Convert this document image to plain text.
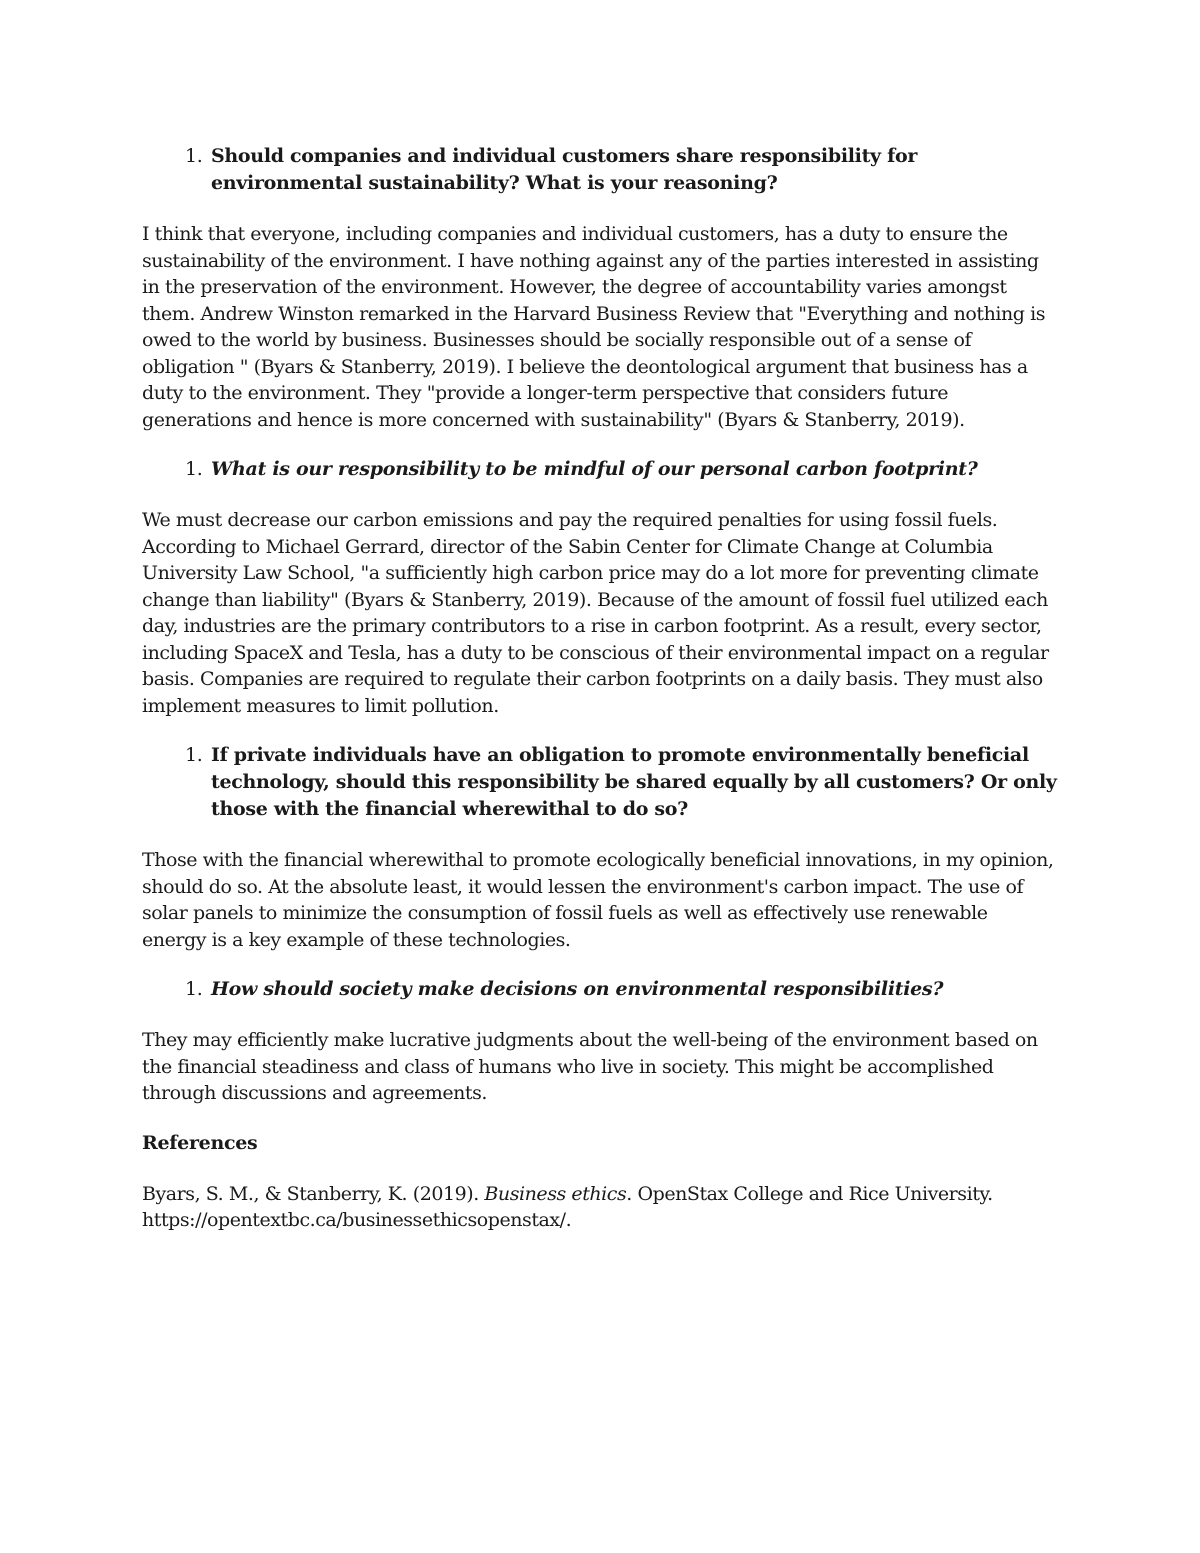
1. Should companies and individual customers share responsibility for environmental sustainability? What is your reasoning?

I think that everyone, including companies and individual customers, has a duty to ensure the sustainability of the environment. I have nothing against any of the parties interested in assisting in the preservation of the environment. However, the degree of accountability varies amongst them. Andrew Winston remarked in the Harvard Business Review that "Everything and nothing is owed to the world by business. Businesses should be socially responsible out of a sense of obligation " (Byars & Stanberry, 2019). I believe the deontological argument that business has a duty to the environment. They "provide a longer-term perspective that considers future generations and hence is more concerned with sustainability" (Byars & Stanberry, 2019).

1. What is our responsibility to be mindful of our personal carbon footprint?

We must decrease our carbon emissions and pay the required penalties for using fossil fuels. According to Michael Gerrard, director of the Sabin Center for Climate Change at Columbia University Law School, "a sufficiently high carbon price may do a lot more for preventing climate change than liability" (Byars & Stanberry, 2019). Because of the amount of fossil fuel utilized each day, industries are the primary contributors to a rise in carbon footprint. As a result, every sector, including SpaceX and Tesla, has a duty to be conscious of their environmental impact on a regular basis. Companies are required to regulate their carbon footprints on a daily basis. They must also implement measures to limit pollution.

1. If private individuals have an obligation to promote environmentally beneficial technology, should this responsibility be shared equally by all customers? Or only those with the financial wherewithal to do so?

Those with the financial wherewithal to promote ecologically beneficial innovations, in my opinion, should do so. At the absolute least, it would lessen the environment's carbon impact. The use of solar panels to minimize the consumption of fossil fuels as well as effectively use renewable energy is a key example of these technologies.

1. How should society make decisions on environmental responsibilities?

They may efficiently make lucrative judgments about the well-being of the environment based on the financial steadiness and class of humans who live in society. This might be accomplished through discussions and agreements.

References

Byars, S. M., & Stanberry, K. (2019). Business ethics. OpenStax College and Rice University. https://opentextbc.ca/businessethicsopenstax/.
